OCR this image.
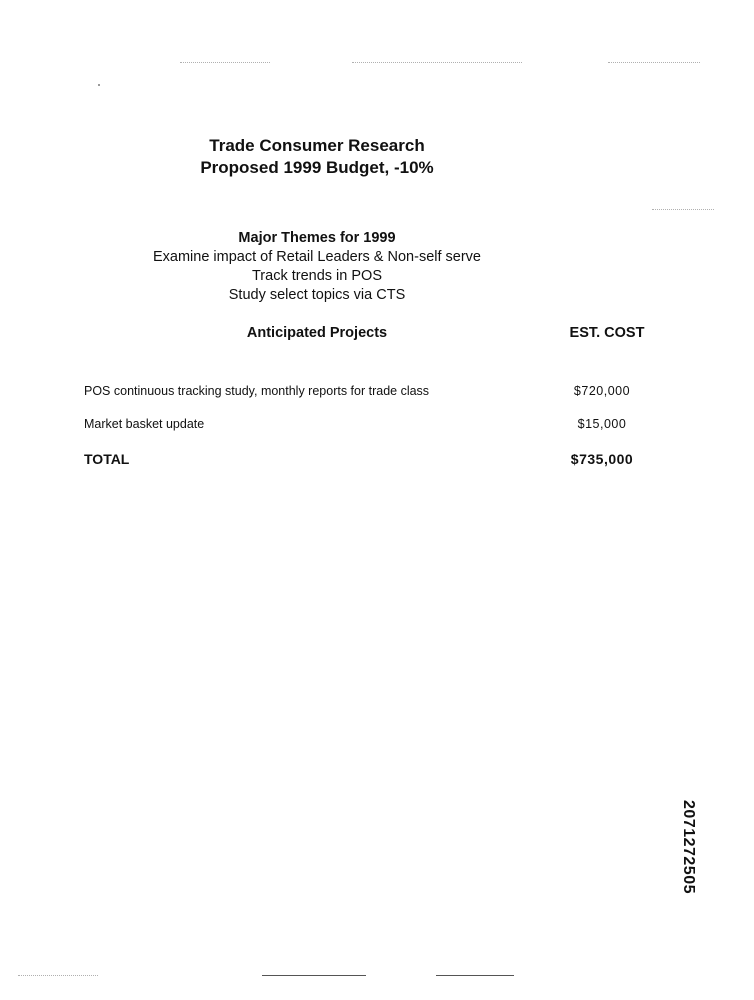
Trade Consumer Research
Proposed 1999 Budget, -10%
Major Themes for 1999
Examine impact of Retail Leaders & Non-self serve
Track trends in POS
Study select topics via CTS
Anticipated Projects	EST. COST
POS continuous tracking study, monthly reports for trade class	$720,000
Market basket update	$15,000
TOTAL	$735,000
2071272505
